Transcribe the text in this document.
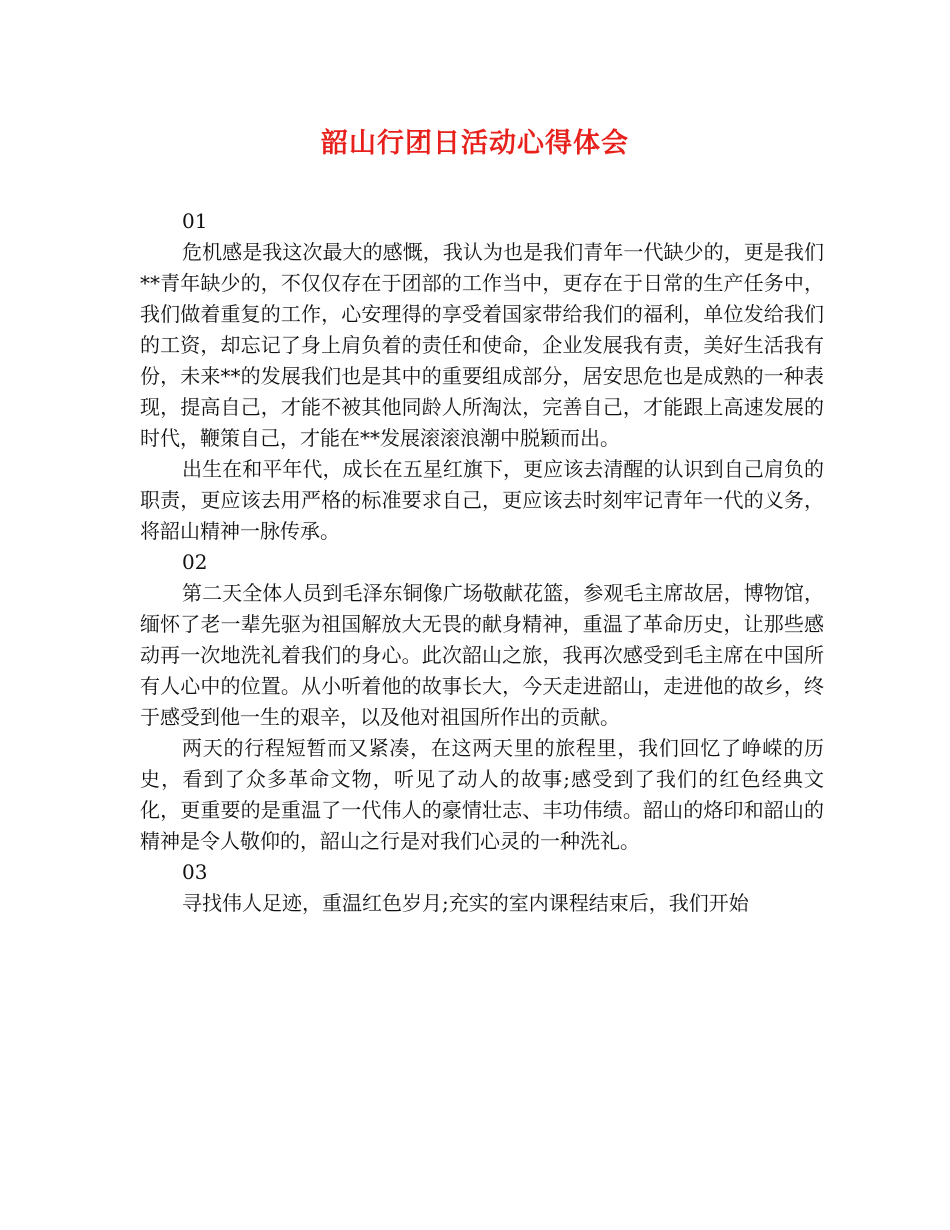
韶山行团日活动心得体会

01

危机感是我这次最大的感慨，我认为也是我们青年一代缺少的，更是我们**青年缺少的，不仅仅存在于团部的工作当中，更存在于日常的生产任务中，我们做着重复的工作，心安理得的享受着国家带给我们的福利，单位发给我们的工资，却忘记了身上肩负着的责任和使命，企业发展我有责，美好生活我有份，未来**的发展我们也是其中的重要组成部分，居安思危也是成熟的一种表现，提高自己，才能不被其他同龄人所淘汰，完善自己，才能跟上高速发展的时代，鞭策自己，才能在**发展滚滚浪潮中脱颖而出。

出生在和平年代，成长在五星红旗下，更应该去清醒的认识到自己肩负的职责，更应该去用严格的标准要求自己，更应该去时刻牢记青年一代的义务，将韶山精神一脉传承。

02

第二天全体人员到毛泽东铜像广场敬献花篮，参观毛主席故居，博物馆，缅怀了老一辈先驱为祖国解放大无畏的献身精神，重温了革命历史，让那些感动再一次地洗礼着我们的身心。此次韶山之旅，我再次感受到毛主席在中国所有人心中的位置。从小听着他的故事长大，今天走进韶山，走进他的故乡，终于感受到他一生的艰辛，以及他对祖国所作出的贡献。

两天的行程短暂而又紧凑，在这两天里的旅程里，我们回忆了峥嵘的历史，看到了众多革命文物，听见了动人的故事;感受到了我们的红色经典文化，更重要的是重温了一代伟人的豪情壮志、丰功伟绩。韶山的烙印和韶山的精神是令人敬仰的，韶山之行是对我们心灵的一种洗礼。

03

寻找伟人足迹，重温红色岁月;充实的室内课程结束后，我们开始
